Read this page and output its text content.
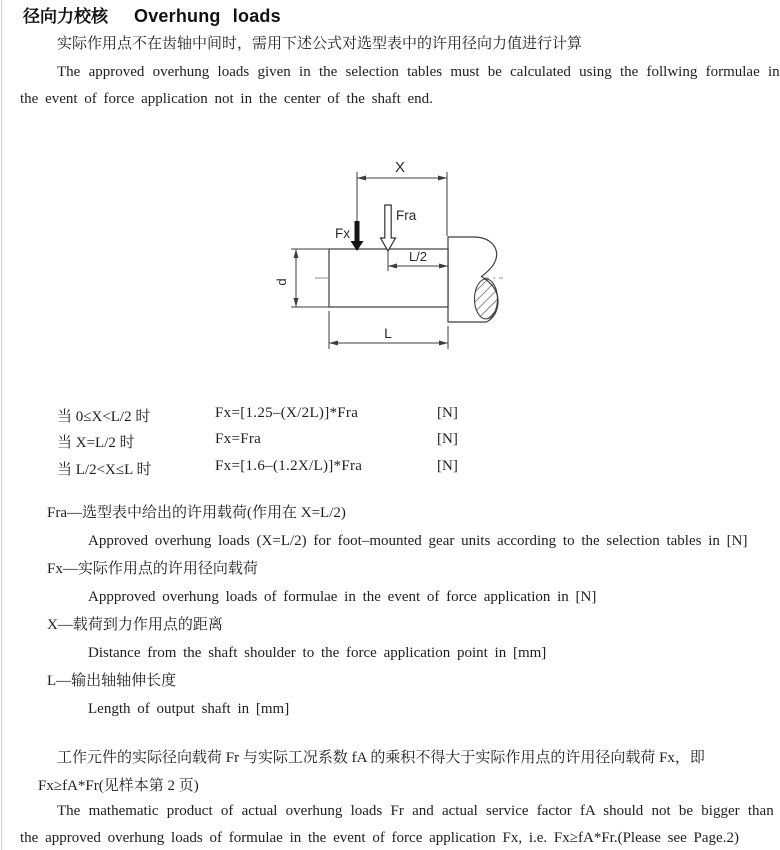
径向力校核 Overhung loads
实际作用点不在齿轴中间时，需用下述公式对选型表中的许用径向力值进行计算
The approved overhung loads given in the selection tables must be calculated using the follwing formulae in
the event of force application not in the center of the shaft end.
X
Fx
Fra
L/2
d
L
当 0≤X<L/2 时	Fx=[1.25–(X/2L)]*Fra	[N]
当 X=L/2 时	Fx=Fra	[N]
当 L/2<X≤L 时	Fx=[1.6–(1.2X/L)]*Fra	[N]
Fra—选型表中给出的许用载荷(作用在 X=L/2)
Approved overhung loads (X=L/2) for foot–mounted gear units according to the selection tables in [N]
Fx—实际作用点的许用径向载荷
Appproved overhung loads of formulae in the event of force application in [N]
X—载荷到力作用点的距离
Distance from the shaft shoulder to the force application point in [mm]
L—输出轴轴伸长度
Length of output shaft in [mm]
工作元件的实际径向载荷 Fr 与实际工况系数 fA 的乘积不得大于实际作用点的许用径向载荷 Fx，即
Fx≥fA*Fr(见样本第 2 页)
The mathematic product of actual overhung loads Fr and actual service factor fA should not be bigger than
the approved overhung loads of formulae in the event of force application Fx, i.e. Fx≥fA*Fr.(Please see Page.2)
